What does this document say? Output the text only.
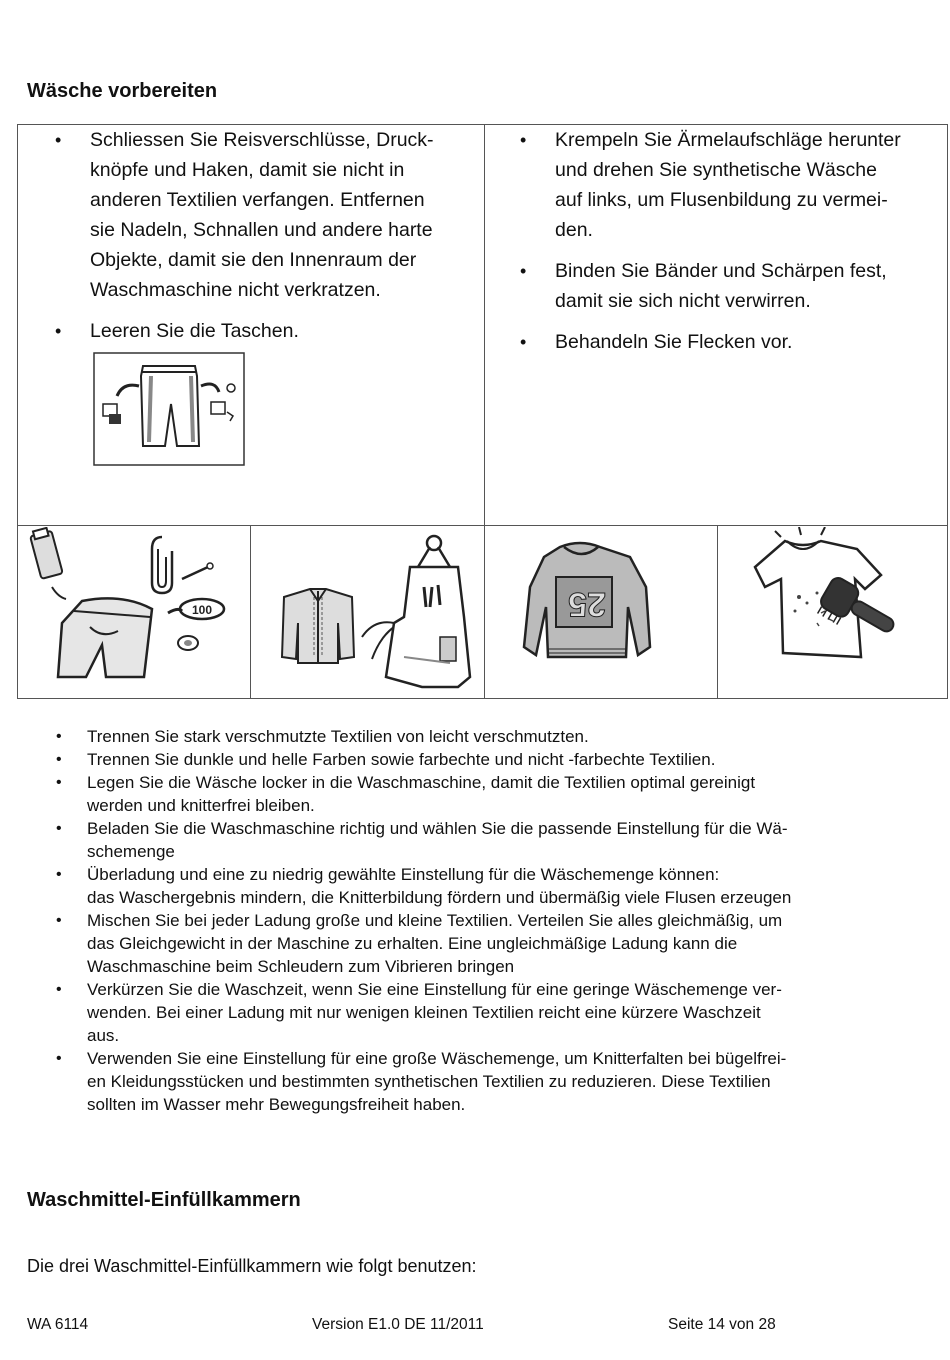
Wäsche vorbereiten
• Schliessen Sie Reisverschlüsse, Druck-
knöpfe und Haken, damit sie nicht in
anderen Textilien verfangen. Entfernen
sie Nadeln, Schnallen und andere harte
Objekte, damit sie den Innenraum der
Waschmaschine nicht verkratzen.
• Leeren Sie die Taschen.
• Krempeln Sie Ärmelaufschläge herunter
und drehen Sie synthetische Wäsche
auf links, um Flusenbildung zu vermei-
den.
• Binden Sie Bänder und Schärpen fest,
damit sie sich nicht verwirren.
• Behandeln Sie Flecken vor.
100	25
• Trennen Sie stark verschmutzte Textilien von leicht verschmutzten.
• Trennen Sie dunkle und helle Farben sowie farbechte und nicht -farbechte Textilien.
• Legen Sie die Wäsche locker in die Waschmaschine, damit die Textilien optimal gereinigt
werden und knitterfrei bleiben.
• Beladen Sie die Waschmaschine richtig und wählen Sie die passende Einstellung für die Wä-
schemenge
• Überladung und eine zu niedrig gewählte Einstellung für die Wäschemenge können:
das Waschergebnis mindern, die Knitterbildung fördern und übermäßig viele Flusen erzeugen
• Mischen Sie bei jeder Ladung große und kleine Textilien. Verteilen Sie alles gleichmäßig, um
das Gleichgewicht in der Maschine zu erhalten. Eine ungleichmäßige Ladung kann die
Waschmaschine beim Schleudern zum Vibrieren bringen
• Verkürzen Sie die Waschzeit, wenn Sie eine Einstellung für eine geringe Wäschemenge ver-
wenden. Bei einer Ladung mit nur wenigen kleinen Textilien reicht eine kürzere Waschzeit
aus.
• Verwenden Sie eine Einstellung für eine große Wäschemenge, um Knitterfalten bei bügelfrei-
en Kleidungsstücken und bestimmten synthetischen Textilien zu reduzieren. Diese Textilien
sollten im Wasser mehr Bewegungsfreiheit haben.
Waschmittel-Einfüllkammern
Die drei Waschmittel-Einfüllkammern wie folgt benutzen:
WA 6114	Version E1.0 DE 11/2011	Seite 14 von 28
